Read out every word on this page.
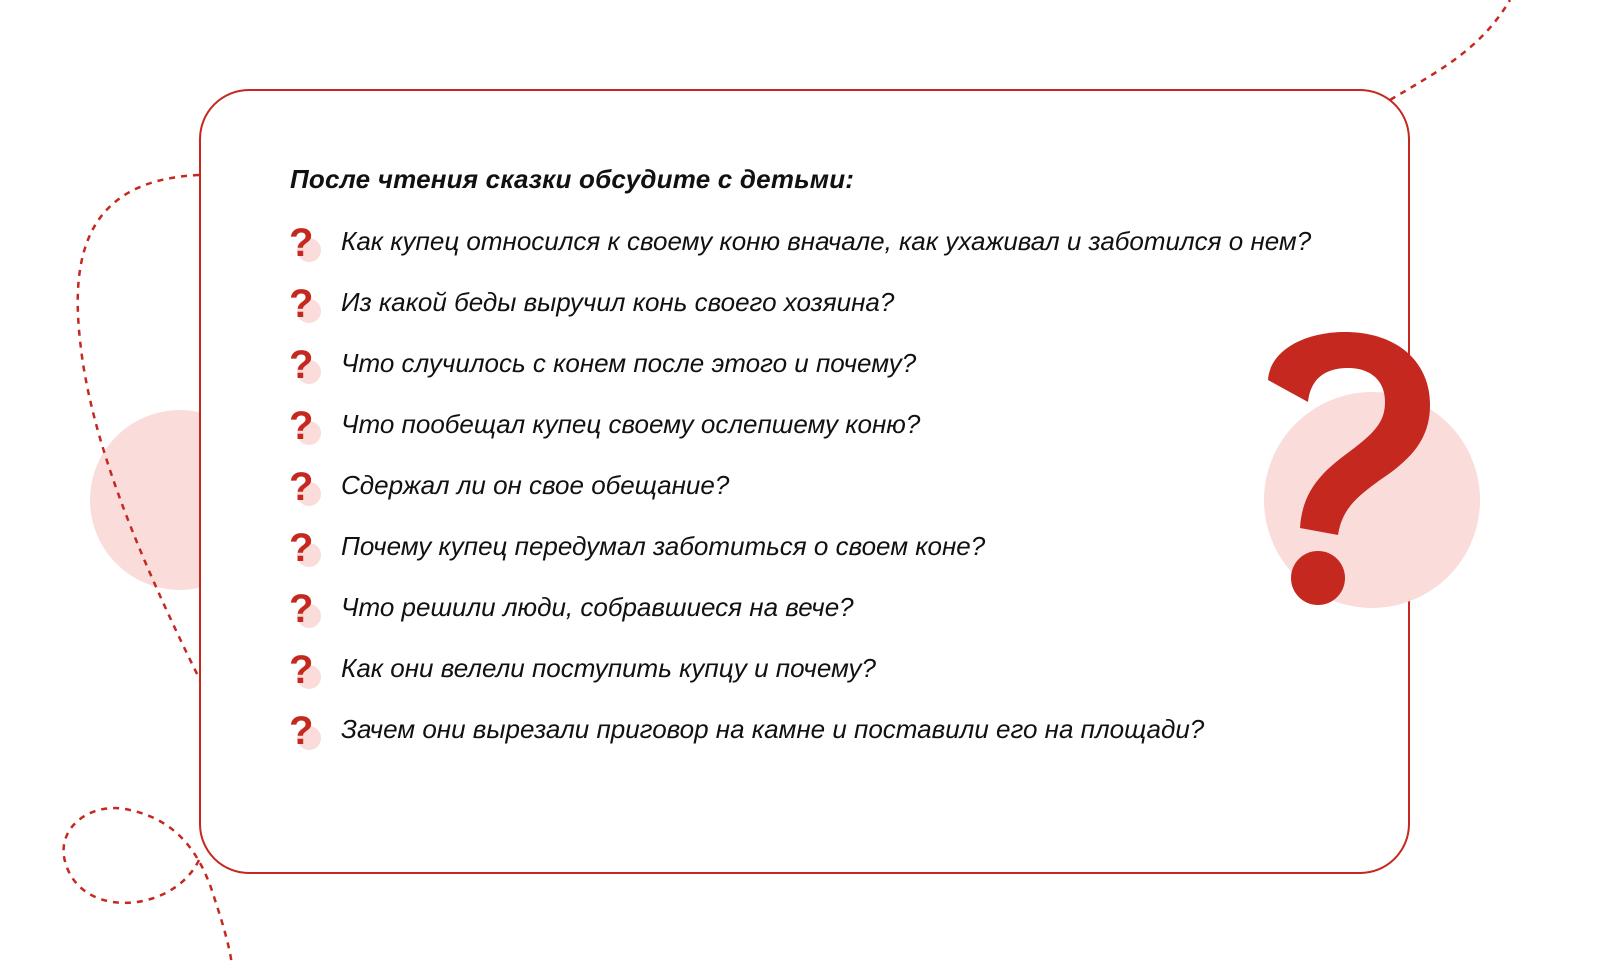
После чтения сказки обсудите с детьми:
? Как купец относился к своему коню вначале, как ухаживал и заботился о нем?
? Из какой беды выручил конь своего хозяина?
? Что случилось с конем после этого и почему?
? Что пообещал купец своему ослепшему коню?
? Сдержал ли он свое обещание?
? Почему купец передумал заботиться о своем коне?
? Что решили люди, собравшиеся на вече?
? Как они велели поступить купцу и почему?
? Зачем они вырезали приговор на камне и поставили его на площади?
